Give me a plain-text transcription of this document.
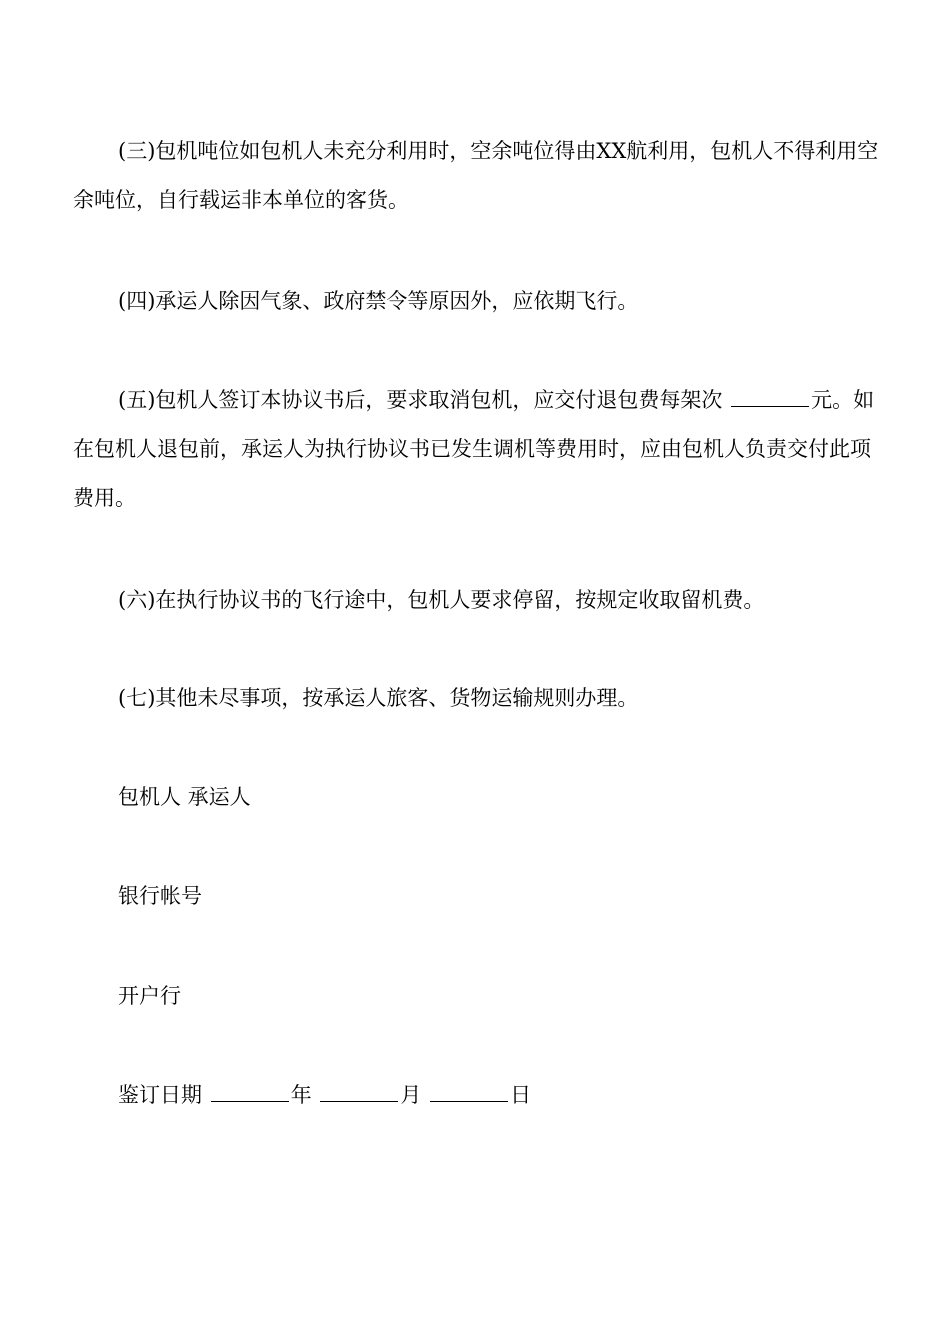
(三)包机吨位如包机人未充分利用时，空余吨位得由XX航利用，包机人不得利用空余吨位，自行载运非本单位的客货。

(四)承运人除因气象、政府禁令等原因外，应依期飞行。

(五)包机人签订本协议书后，要求取消包机，应交付退包费每架次	元。如在包机人退包前，承运人为执行协议书已发生调机等费用时，应由包机人负责交付此项费用。

(六)在执行协议书的飞行途中，包机人要求停留，按规定收取留机费。

(七)其他未尽事项，按承运人旅客、货物运输规则办理。

包机人 承运人

银行帐号

开户行

鉴订日期	年	月	日
